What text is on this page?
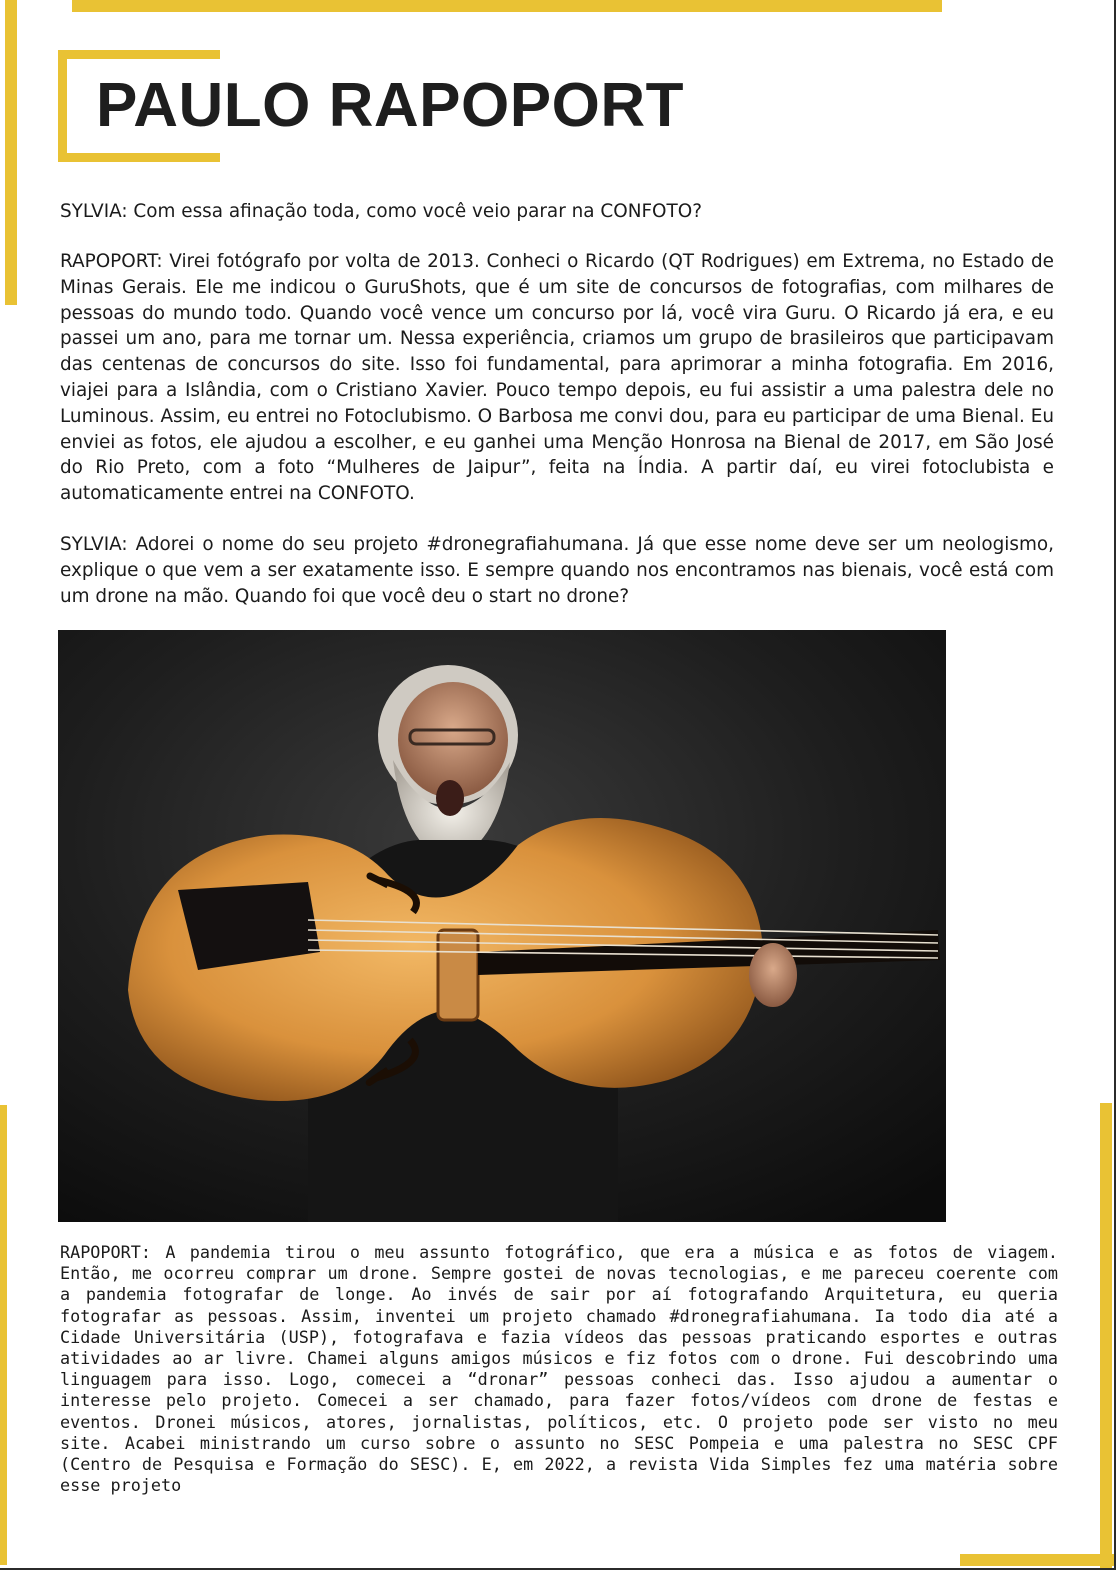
PAULO RAPOPORT

SYLVIA: Com essa afinação toda, como você veio parar na CONFOTO?

RAPOPORT: Virei fotógrafo por volta de 2013. Conheci o Ricardo (QT Rodrigues) em Extrema, no Estado de Minas Gerais. Ele me indicou o GuruShots, que é um site de concursos de fotografias, com milhares de pessoas do mundo todo. Quando você vence um concurso por lá, você vira Guru. O Ricardo já era, e eu passei um ano, para me tornar um. Nessa experiência, criamos um grupo de brasileiros que participavam das centenas de concursos do site. Isso foi fundamental, para aprimorar a minha fotografia. Em 2016, viajei para a Islândia, com o Cristiano Xavier. Pouco tempo depois, eu fui assistir a uma palestra dele no Luminous. Assim, eu entrei no Fotoclubismo. O Barbosa me convi dou, para eu participar de uma Bienal. Eu enviei as fotos, ele ajudou a escolher, e eu ganhei uma Menção Honrosa na Bienal de 2017, em São José do Rio Preto, com a foto “Mulheres de Jaipur”, feita na Índia. A partir daí, eu virei fotoclubista e automaticamente entrei na CONFOTO.

SYLVIA: Adorei o nome do seu projeto #dronegrafiahumana. Já que esse nome deve ser um neologismo, explique o que vem a ser exatamente isso. E sempre quando nos encontramos nas bienais, você está com um drone na mão. Quando foi que você deu o start no drone?

RAPOPORT: A pandemia tirou o meu assunto fotográfico, que era a música e as fotos de viagem. Então, me ocorreu comprar um drone. Sempre gostei de novas tecnologias, e me pareceu coerente com a pandemia fotografar de longe. Ao invés de sair por aí fotografando Arquitetura, eu queria fotografar as pessoas. Assim, inventei um projeto chamado #dronegrafiahumana. Ia todo dia até a Cidade Universitária (USP), fotografava e fazia vídeos das pessoas praticando esportes e outras atividades ao ar livre. Chamei alguns amigos músicos e fiz fotos com o drone. Fui descobrindo uma linguagem para isso. Logo, comecei a “dronar” pessoas conheci das. Isso ajudou a aumentar o interesse pelo projeto. Comecei a ser chamado, para fazer fotos/vídeos com drone de festas e eventos. Dronei músicos, atores, jornalistas, políticos, etc. O projeto pode ser visto no meu site. Acabei ministrando um curso sobre o assunto no SESC Pompeia e uma palestra no SESC CPF (Centro de Pesquisa e Formação do SESC). E, em 2022, a revista Vida Simples fez uma matéria sobre esse projeto
